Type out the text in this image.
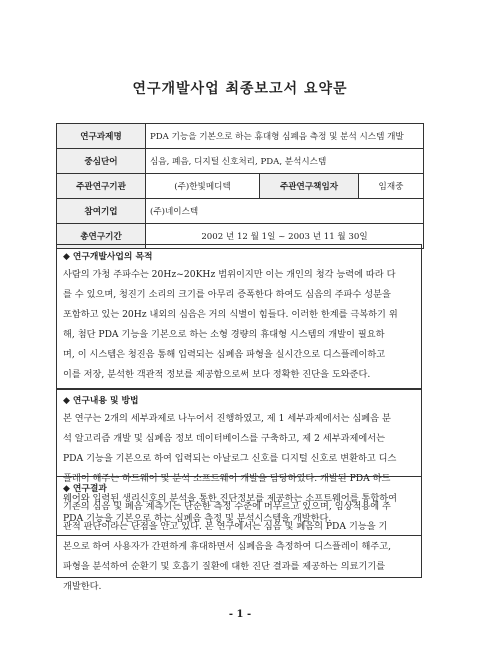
연구개발사업 최종보고서 요약문
연구과제명	PDA 기능을 기본으로 하는 휴대형 심폐음 측정 및 분석 시스템 개발		
중심단어	심음, 폐음, 디지털 신호처리, PDA, 분석시스템		
주관연구기관	(주)한빛메디텍	주관연구책임자	임재중
참여기업	(주)네이스텍		
총연구기간	2002 년 12 월 1일 ~ 2003 년 11 월 30일		
◆ 연구개발사업의 목적
사람의 가청 주파수는 20Hz~20KHz 범위이지만 이는 개인의 청각 능력에 따라 다
를 수 있으며, 청진기 소리의 크기를 아무리 증폭한다 하여도 심음의 주파수 성분을
포함하고 있는 20Hz 내외의 심음은 거의 식별이 힘들다. 이러한 한계를 극복하기 위
해, 첨단 PDA 기능을 기본으로 하는 소형 경량의 휴대형 시스템의 개발이 필요하
며, 이 시스템은 청진음 통해 입력되는 심폐음 파형을 실시간으로 디스플레이하고
이를 저장, 분석한 객관적 정보를 제공함으로써 보다 정확한 진단을 도와준다.
◆ 연구내용 및 방법
본 연구는 2개의 세부과제로 나누어서 진행하였고, 제 1 세부과제에서는 심폐음 분
석 알고리즘 개발 및 심폐음 정보 데이터베이스를 구축하고, 제 2 세부과제에서는
PDA 기능을 기본으로 하여 입력되는 아날로그 신호를 디지털 신호로 변환하고 디스
플레이 해주는 하드웨어 및 분석 소프트웨어 개발을 담당하였다. 개발된 PDA 하드
웨어와 입력된 생리신호의 분석을 통한 진단정보를 제공하는 소프트웨어를 통합하여
PDA 기능을 기본으로 하는 심폐음 측정 및 분석시스템을 개발한다.
◆ 연구결과
기존의 심음 및 폐음 계측기는 단순한 측정 수준에 머무르고 있으며, 임상적용에 주
관적 판단이라는 단점을 안고 있다. 본 연구에서는 심음 및 폐음의 PDA 기능을 기
본으로 하여 사용자가 간편하게 휴대하면서 심폐음을 측정하여 디스플레이 해주고,
파형을 분석하여 순환기 및 호흡기 질환에 대한 진단 결과를 제공하는 의료기기를
개발한다.
- 1 -
